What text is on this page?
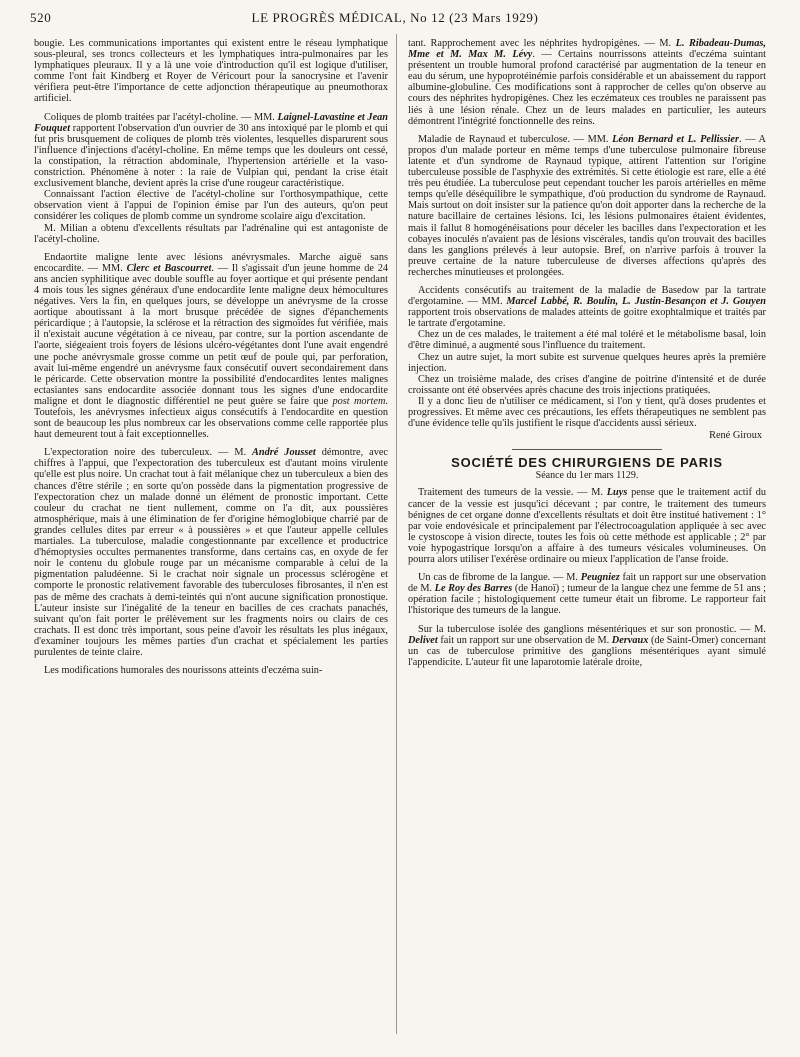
520	LE PROGRÈS MÉDICAL, No 12 (23 Mars 1929)

bougie. Les communications importantes qui existent entre le réseau lymphatique sous-pleural, ses troncs collecteurs et les lymphatiques intra-pulmonaires par les lymphatiques pleuraux. Il y a là une voie d'introduction qu'il est logique d'utiliser, comme l'ont fait Kindberg et Royer de Véricourt pour la sanocrysine et l'avenir vérifiera peut-être l'importance de cette adjonction thérapeutique au pneumothorax artificiel.

Coliques de plomb traitées par l'acétyl-choline. — MM. Laignel-Lavastine et Jean Fouquet rapportent l'observation d'un ouvrier de 30 ans intoxiqué par le plomb et qui fut pris brusquement de coliques de plomb très violentes, lesquelles disparurent sous l'influence d'injections d'acétyl-choline. En même temps que les douleurs ont cessé, la constipation, la rétraction abdominale, l'hypertension artérielle et la vaso-constriction. Phénomène à noter : la raie de Vulpian qui, pendant la crise était exclusivement blanche, devient après la crise d'une rougeur caractéristique.

Connaissant l'action élective de l'acétyl-choline sur l'orthosympathique, cette observation vient à l'appui de l'opinion émise par l'un des auteurs, qu'on peut considérer les coliques de plomb comme un syndrome scolaire aigu d'excitation.

M. Milian a obtenu d'excellents résultats par l'adrénaline qui est antagoniste de l'acétyl-choline.

Endaortite maligne lente avec lésions anévrysmales. Marche aiguë sans encocardite. — MM. Clerc et Bascourret. — Il s'agissait d'un jeune homme de 24 ans ancien syphilitique avec double souffle au foyer aortique et qui présente pendant 4 mois tous les signes généraux d'une endocardite lente maligne deux hémocultures négatives. Vers la fin, en quelques jours, se développe un anévrysme de la crosse aortique aboutissant à la mort brusque précédée de signes d'épanchements péricardique ; à l'autopsie, la sclérose et la rétraction des sigmoïdes fut vérifiée, mais il n'existait aucune végétation à ce niveau, par contre, sur la portion ascendante de l'aorte, siégeaient trois foyers de lésions ulcéro-végétantes dont l'une avait engendré une poche anévrysmale grosse comme un petit œuf de poule qui, par perforation, avait lui-même engendré un anévrysme faux consécutif ouvert secondairement dans le péricarde. Cette observation montre la possibilité d'endocardites lentes malignes ectasiantes sans endocardite associée donnant tous les signes d'une endocardite maligne et dont le diagnostic différentiel ne peut guère se faire que post mortem. Toutefois, les anévrysmes infectieux aigus consécutifs à l'endocardite en question sont de beaucoup les plus nombreux car les observations comme celle rapportée plus haut demeurent tout à fait exceptionnelles.

L'expectoration noire des tuberculeux. — M. André Jousset démontre, avec chiffres à l'appui, que l'expectoration des tuberculeux est d'autant moins virulente qu'elle est plus noire. Un crachat tout à fait mélanique chez un tuberculeux a bien des chances d'être stérile ; en sorte qu'on possède dans la pigmentation progressive de l'expectoration chez un malade donné un élément de pronostic important. Cette couleur du crachat ne tient nullement, comme on l'a dit, aux poussières atmosphérique, mais à une élimination de fer d'origine hémoglobique charrié par de grandes cellules dites par erreur « à poussières » et que l'auteur appelle cellules martiales. La tuberculose, maladie congestionnante par excellence et productrice d'hémoptysies occultes permanentes transforme, dans certains cas, en oxyde de fer noir le contenu du globule rouge par un mécanisme comparable à celui de la pigmentation paludéenne. Si le crachat noir signale un processus sclérogène et comporte le pronostic relativement favorable des tuberculoses fibrosantes, il n'en est pas de même des crachats à demi-teintés qui n'ont aucune signification pronostique. L'auteur insiste sur l'inégalité de la teneur en bacilles de ces crachats panachés, suivant qu'on fait porter le prélèvement sur les fragments noirs ou clairs de ces crachats. Il est donc très important, sous peine d'avoir les résultats les plus inégaux, d'examiner toujours les mêmes parties d'un crachat et spécialement les parties purulentes de teinte claire.

Les modifications humorales des nourissons atteints d'eczéma suin-

tant. Rapprochement avec les néphrites hydropigènes. — M. L. Ribadeau-Dumas, Mme et M. Max M. Lévy. — Certains nourrissons atteints d'eczéma suintant présentent un trouble humoral profond caractérisé par augmentation de la teneur en eau du sérum, une hypoprotéinémie parfois considérable et un abaissement du rapport albumine-globuline. Ces modifications sont à rapprocher de celles qu'on observe au cours des néphrites hydropigènes. Chez les eczémateux ces troubles ne paraissent pas liés à une lésion rénale. Chez un de leurs malades en particulier, les auteurs démontrent l'intégrité fonctionnelle des reins.

Maladie de Raynaud et tuberculose. — MM. Léon Bernard et L. Pellissier. — A propos d'un malade porteur en même temps d'une tuberculose pulmonaire fibreuse latente et d'un syndrome de Raynaud typique, attirent l'attention sur l'origine tuberculeuse possible de l'asphyxie des extrémités. Si cette étiologie est rare, elle a été très peu étudiée. La tuberculose peut cependant toucher les parois artérielles en même temps qu'elle déséquilibre le sympathique, d'où production du syndrome de Raynaud. Mais surtout on doit insister sur la patience qu'on doit apporter dans la recherche de la nature bacillaire de certaines lésions. Ici, les lésions pulmonaires étaient évidentes, mais il fallut 8 homogénéisations pour déceler les bacilles dans l'expectoration et les cobayes inoculés n'avaient pas de lésions viscérales, tandis qu'on trouvait des bacilles dans les ganglions prélevés à leur autopsie. Bref, on n'arrive parfois à trouver la preuve certaine de la nature tuberculeuse de diverses affections qu'après des recherches minutieuses et prolongées.

Accidents consécutifs au traitement de la maladie de Basedow par la tartrate d'ergotamine. — MM. Marcel Labbé, R. Boulin, L. Justin-Besançon et J. Gouyen rapportent trois observations de malades atteints de goitre exophtalmique et traités par le tartrate d'ergotamine.

Chez un de ces malades, le traitement a été mal toléré et le métabolisme basal, loin d'être diminué, a augmenté sous l'influence du traitement.

Chez un autre sujet, la mort subite est survenue quelques heures après la première injection.

Chez un troisième malade, des crises d'angine de poitrine d'intensité et de durée croissante ont été observées après chacune des trois injections pratiquées.

Il y a donc lieu de n'utiliser ce médicament, si l'on y tient, qu'à doses prudentes et progressives. Et même avec ces précautions, les effets thérapeutiques ne semblent pas d'une évidence telle qu'ils justifient le risque d'accidents aussi sérieux.

René Giroux

SOCIÉTÉ DES CHIRURGIENS DE PARIS
Séance du 1er mars 1129.

Traitement des tumeurs de la vessie. — M. Luys pense que le traitement actif du cancer de la vessie est jusqu'ici décevant ; par contre, le traitement des tumeurs bénignes de cet organe donne d'excellents résultats et doit être institué hativement : 1° par voie endovésicale et principalement par l'électrocoagulation appliquée à sec avec le cystoscope à vision directe, toutes les fois où cette méthode est applicable ; 2° par voie hypogastrique lorsqu'on a affaire à des tumeurs vésicales volumineuses. On pourra alors utiliser l'exérèse ordinaire ou mieux l'application de l'anse froide.

Un cas de fibrome de la langue. — M. Peugniez fait un rapport sur une observation de M. Le Roy des Barres (de Hanoï) ; tumeur de la langue chez une femme de 51 ans ; opération facile ; histologiquement cette tumeur était un fibrome. Le rapporteur fait l'historique des tumeurs de la langue.

Sur la tuberculose isolée des ganglions mésentériques et sur son pronostic. — M. Delivet fait un rapport sur une observation de M. Dervaux (de Saint-Omer) concernant un cas de tuberculose primitive des ganglions mésentériques ayant simulé l'appendicite. L'auteur fit une laparotomie latérale droite,
